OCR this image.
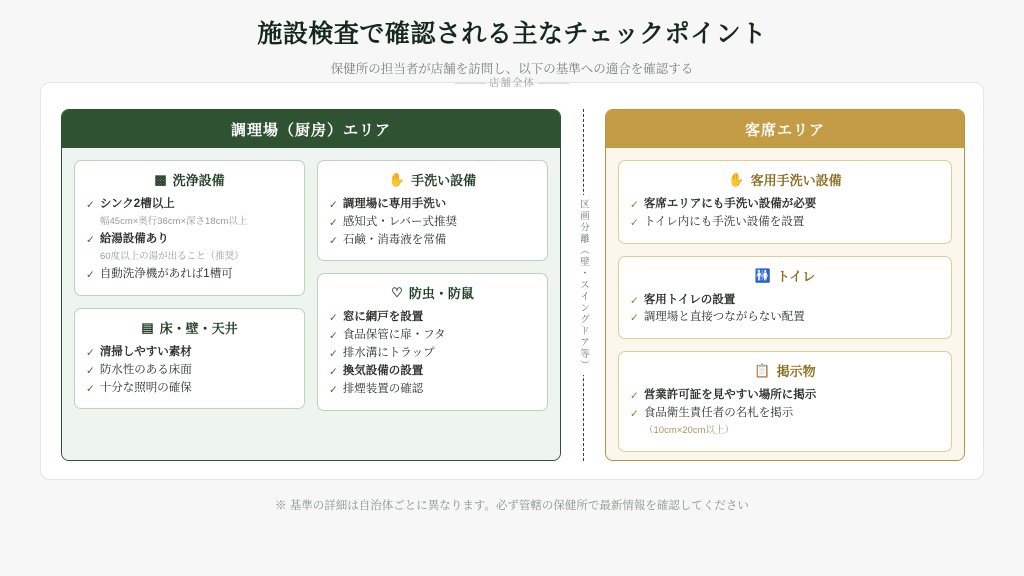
施設検査で確認される主なチェックポイント
保健所の担当者が店舗を訪問し、以下の基準への適合を確認する
——— 店舗全体 ———
調理場（厨房）エリア
▩ 洗浄設備
✓ シンク2槽以上
幅45cm×奥行36cm×深さ18cm以上
✓ 給湯設備あり
60度以上の湯が出ること（推奨）
✓ 自動洗浄機があれば1槽可
▤ 床・壁・天井
✓ 清掃しやすい素材
✓ 防水性のある床面
✓ 十分な照明の確保
✋ 手洗い設備
✓ 調理場に専用手洗い
✓ 感知式・レバー式推奨
✓ 石鹸・消毒液を常備
♡ 防虫・防鼠
✓ 窓に網戸を設置
✓ 食品保管に扉・フタ
✓ 排水溝にトラップ
✓ 換気設備の設置
✓ 排煙装置の確認
区画分離（壁・スイングドア等）
客席エリア
✋ 客用手洗い設備
✓ 客席エリアにも手洗い設備が必要
✓ トイレ内にも手洗い設備を設置
🚻 トイレ
✓ 客用トイレの設置
✓ 調理場と直接つながらない配置
📋 掲示物
✓ 営業許可証を見やすい場所に掲示
✓ 食品衛生責任者の名札を掲示
（10cm×20cm以上）
※ 基準の詳細は自治体ごとに異なります。必ず管轄の保健所で最新情報を確認してください
